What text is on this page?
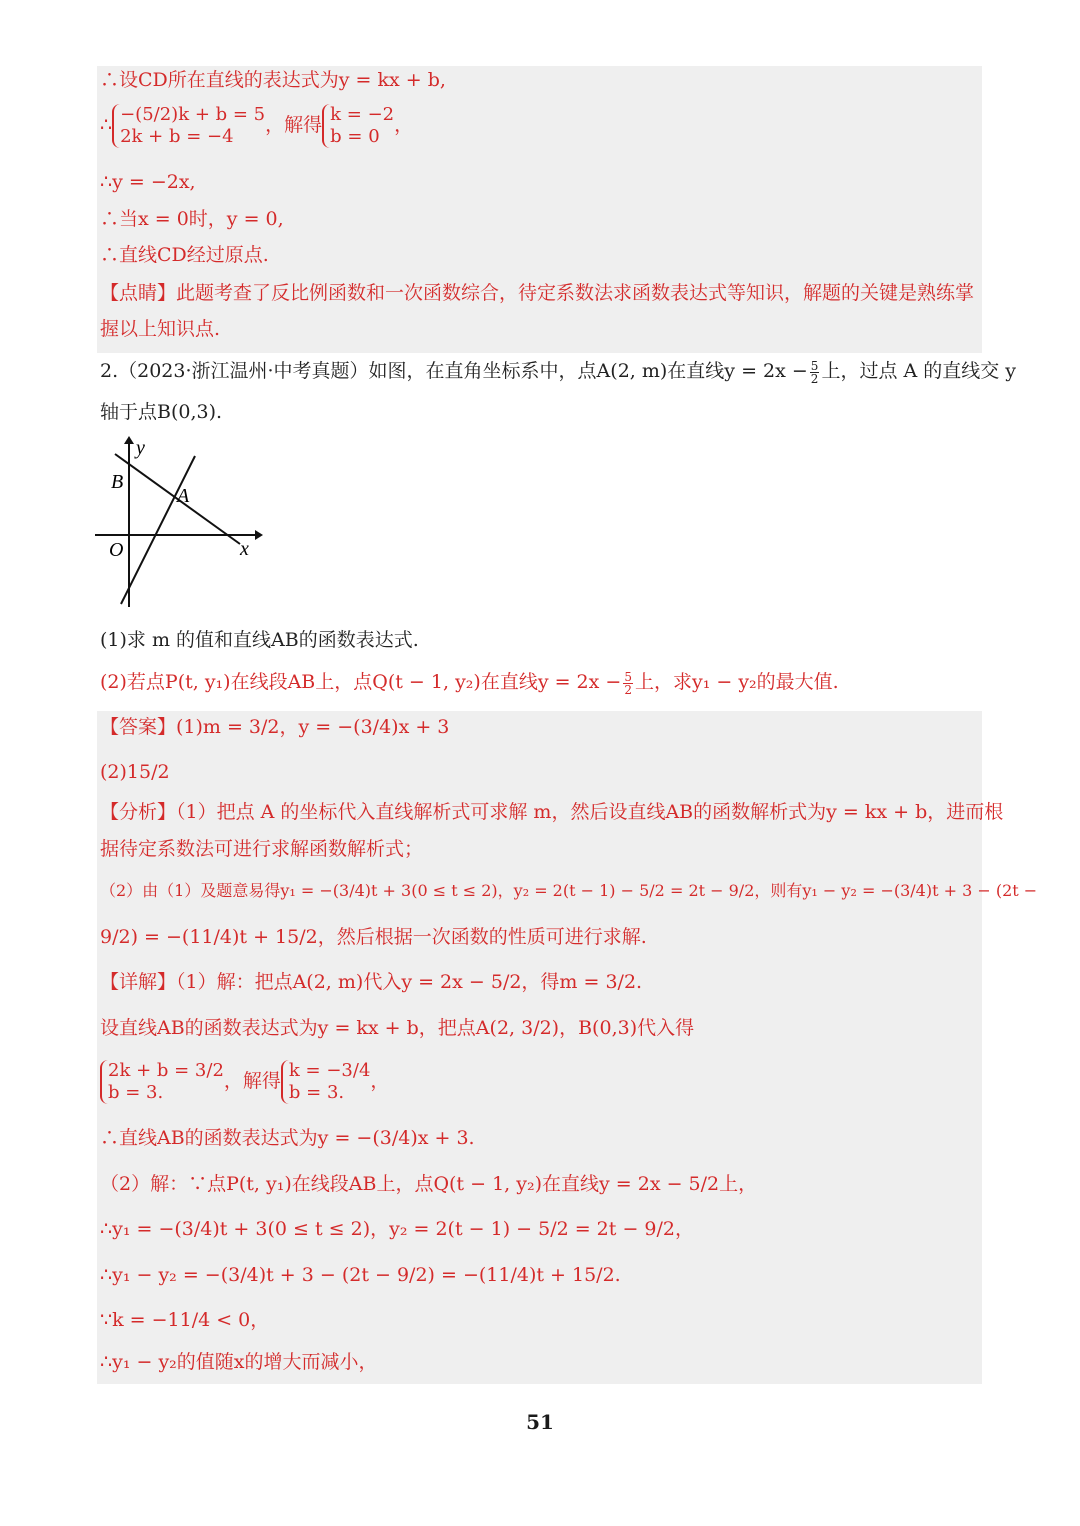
∴设CD所在直线的表达式为y = kx + b,
∴ −(5/2)k + b = 5
2k + b = −4
，解得 k = −2
b = 0
，
∴y = −2x,
∴当x = 0时，y = 0,
∴直线CD经过原点.
【点睛】此题考查了反比例函数和一次函数综合，待定系数法求函数表达式等知识，解题的关键是熟练掌
握以上知识点.
2.（2023·浙江温州·中考真题）如图，在直角坐标系中，点A(2, m)在直线$y = 2x - \frac{5}{2}$ 上，过点 A 的直线交 y
轴于点B(0,3).
y
x
O
B
A
(1)求 m 的值和直线AB的函数表达式.
(2)若点P(t, y₁)在线段AB上，点Q(t − 1, y₂)在直线$y = 2x - \frac{5}{2}$ 上，求y₁ − y₂的最大值.
【答案】(1)m = 3/2，y = −(3/4)x + 3
(2)15/2
【分析】（1）把点 A 的坐标代入直线解析式可求解 m，然后设直线AB的函数解析式为y = kx + b，进而根
据待定系数法可进行求解函数解析式；
（2）由（1）及题意易得y₁ = −(3/4)t + 3(0 ≤ t ≤ 2)，y₂ = 2(t − 1) − 5/2 = 2t − 9/2，则有y₁ − y₂ = −(3/4)t + 3 − (2t −
9/2) = −(11/4)t + 15/2，然后根据一次函数的性质可进行求解.
【详解】（1）解：把点A(2, m)代入y = 2x − 5/2，得m = 3/2.
设直线AB的函数表达式为y = kx + b，把点A(2, 3/2)，B(0,3)代入得
2k + b = 3/2
b = 3.
，解得 k = −3/4
b = 3.
，
∴直线AB的函数表达式为y = −(3/4)x + 3.
（2）解：∵点P(t, y₁)在线段AB上，点Q(t − 1, y₂)在直线y = 2x − 5/2上，
∴y₁ = −(3/4)t + 3(0 ≤ t ≤ 2)，y₂ = 2(t − 1) − 5/2 = 2t − 9/2，
∴y₁ − y₂ = −(3/4)t + 3 − (2t − 9/2) = −(11/4)t + 15/2.
∵k = −11/4 < 0，
∴y₁ − y₂的值随x的增大而减小，
51
